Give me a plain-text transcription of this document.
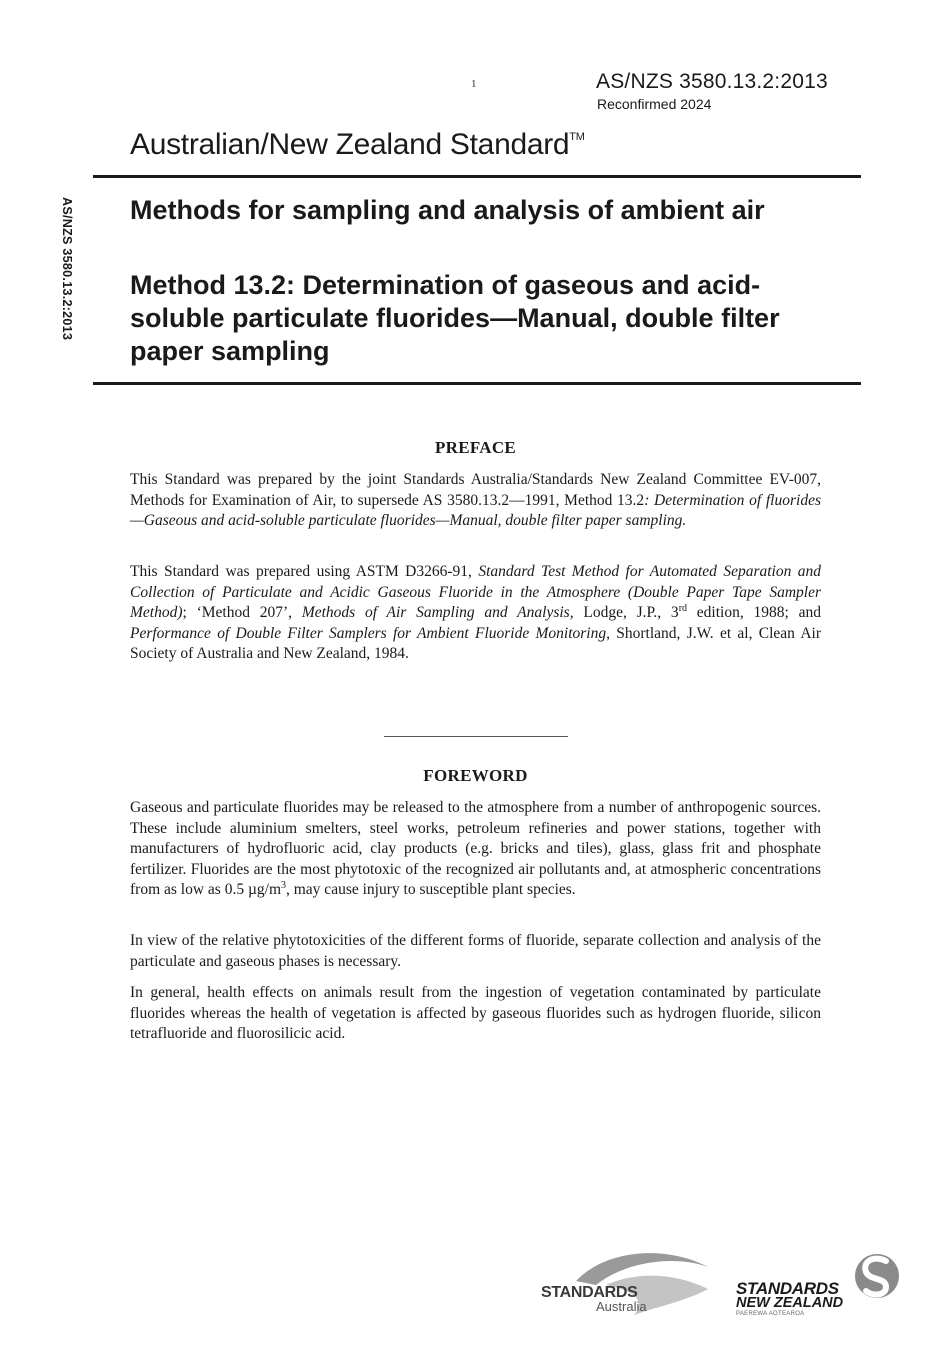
1	AS/NZS 3580.13.2:2013
Reconfirmed 2024
Australian/New Zealand Standard™
AS/NZS 3580.13.2:2013 Methods for sampling and analysis of ambient air
Method 13.2: Determination of gaseous and acid-soluble particulate fluorides—Manual, double filter paper sampling
PREFACE

This Standard was prepared by the joint Standards Australia/Standards New Zealand Committee EV-007, Methods for Examination of Air, to supersede AS 3580.13.2—1991, Method 13.2: Determination of fluorides—Gaseous and acid-soluble particulate fluorides—Manual, double filter paper sampling.

This Standard was prepared using ASTM D3266-91, Standard Test Method for Automated Separation and Collection of Particulate and Acidic Gaseous Fluoride in the Atmosphere (Double Paper Tape Sampler Method); ‘Method 207’, Methods of Air Sampling and Analysis, Lodge, J.P., 3rd edition, 1988; and Performance of Double Filter Samplers for Ambient Fluoride Monitoring, Shortland, J.W. et al, Clean Air Society of Australia and New Zealand, 1984.

FOREWORD

Gaseous and particulate fluorides may be released to the atmosphere from a number of anthropogenic sources. These include aluminium smelters, steel works, petroleum refineries and power stations, together with manufacturers of hydrofluoric acid, clay products (e.g. bricks and tiles), glass, glass frit and phosphate fertilizer. Fluorides are the most phytotoxic of the recognized air pollutants and, at atmospheric concentrations from as low as 0.5 $\mu g/m^3$, may cause injury to susceptible plant species.

In view of the relative phytotoxicities of the different forms of fluoride, separate collection and analysis of the particulate and gaseous phases is necessary.

In general, health effects on animals result from the ingestion of vegetation contaminated by particulate fluorides whereas the health of vegetation is affected by gaseous fluorides such as hydrogen fluoride, silicon tetrafluoride and fluorosilicic acid.

STANDARDS
Australia
STANDARDS
NEW ZEALAND
PAEREWA AOTEAROA
